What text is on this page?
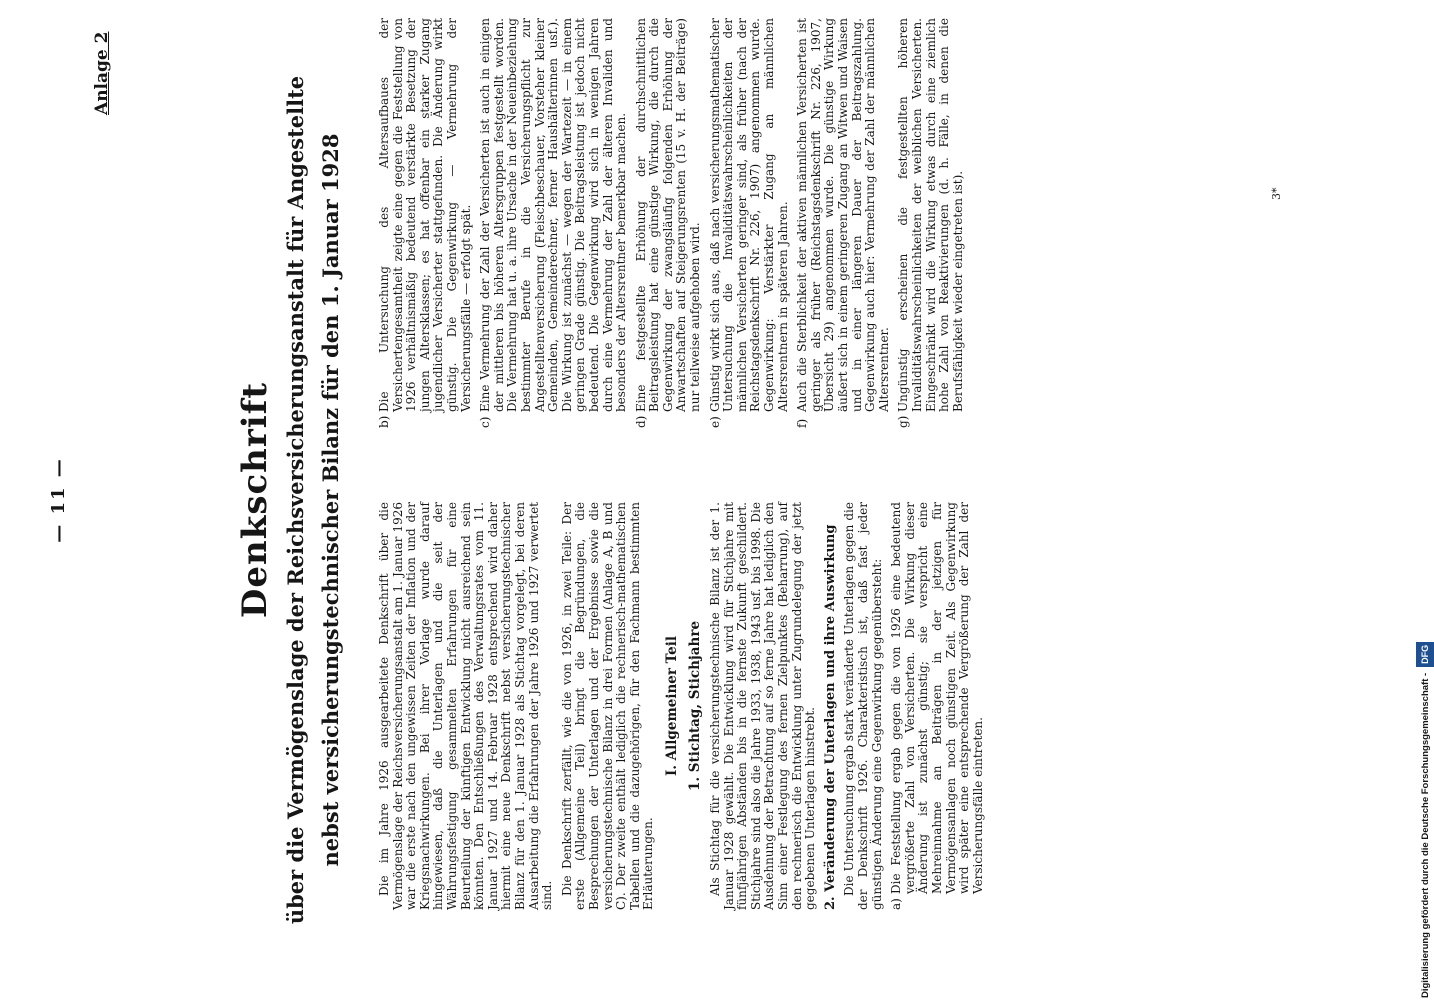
— 11 —
Anlage 2
Denkschrift über die Vermögenslage der Reichsversicherungsanstalt für Angestellte nebst versicherungstechnischer Bilanz für den 1. Januar 1928	Die im Jahre 1926 ausgearbeitete Denkschrift über die Vermögenslage der Reichsversicherungsanstalt am 1. Januar 1926 war die erste nach den ungewissen Zeiten der Inflation und der Kriegsnachwirkungen. Bei ihrer Vorlage wurde darauf hingewiesen, daß die Unterlagen und die seit der Währungsfestigung gesammelten Erfahrungen für eine Beurteilung der künftigen Entwicklung nicht ausreichend sein könnten. Den Entschließungen des Verwaltungsrates vom 11. Januar 1927 und 14. Februar 1928 entsprechend wird daher hiermit eine neue Denkschrift nebst versicherungstechnischer Bilanz für den 1. Januar 1928 als Stichtag vorgelegt, bei deren Ausarbeitung die Erfahrungen der Jahre 1926 und 1927 verwertet sind. Die Denkschrift zerfällt, wie die von 1926, in zwei Teile: Der erste (Allgemeine Teil) bringt die Begründungen, die Besprechungen der Unterlagen und der Ergebnisse sowie die versicherungstechnische Bilanz in drei Formen (Anlage A, B und C). Der zweite enthält lediglich die rechnerisch-mathematischen Tabellen und die dazugehörigen, für den Fachmann bestimmten Erläuterungen.

I. Allgemeiner Teil 1. Stichtag, Stichjahre Als Stichtag für die versicherungstechnische Bilanz ist der 1. Januar 1928 gewählt. Die Entwicklung wird für Stichjahre mit fünfjährigen Abständen bis in die fernste Zukunft geschildert. Stichjahre sind also die Jahre 1933, 1938, 1943 usf. bis 1998. Die Ausdehnung der Betrachtung auf so ferne Jahre hat lediglich den Sinn einer Festlegung des fernen Zielpunktes (Beharrung), auf den rechnerisch die Entwicklung unter Zugrundelegung der jetzt gegebenen Unterlagen hinstrebt. 2. Veränderung der Unterlagen und ihre Auswirkung Die Untersuchung ergab stark veränderte Unterlagen gegen die der Denkschrift 1926. Charakteristisch ist, daß fast jeder günstigen Änderung eine Gegenwirkung gegenübersteht: a)
Die Feststellung ergab gegen die von 1926 eine bedeutend vergrößerte Zahl von Versicherten. Die Wirkung dieser Änderung ist zunächst günstig; sie verspricht eine Mehreinnahme an Beiträgen in der jetzigen für Vermögensanlagen noch günstigen Zeit. Als Gegenwirkung wird später eine entsprechende Vergrößerung der Zahl der Versicherungsfälle eintreten.

b)
Die Untersuchung des Altersaufbaues der Versichertengesamtheit zeigte eine gegen die Feststellung von 1926 verhältnismäßig bedeutend verstärkte Besetzung der jungen Altersklassen; es hat offenbar ein starker Zugang jugendlicher Versicherter stattgefunden. Die Änderung wirkt günstig. Die Gegenwirkung — Vermehrung der Versicherungsfälle — erfolgt spät.

c)
Eine Vermehrung der Zahl der Versicherten ist auch in einigen der mittleren bis höheren Altersgruppen festgestellt worden. Die Vermehrung hat u. a. ihre Ursache in der Neueinbeziehung bestimmter Berufe in die Versicherungspflicht zur Angestelltenversicherung (Fleischbeschauer, Vorsteher kleiner Gemeinden, Gemeinderechner, ferner Haushälterinnen usf.). Die Wirkung ist zunächst — wegen der Wartezeit — in einem geringen Grade günstig. Die Beitragsleistung ist jedoch nicht bedeutend. Die Gegenwirkung wird sich in wenigen Jahren durch eine Vermehrung der Zahl der älteren Invaliden und besonders der Altersrentner bemerkbar machen.

d)
Eine festgestellte Erhöhung der durchschnittlichen Beitragsleistung hat eine günstige Wirkung, die durch die Gegenwirkung der zwangsläufig folgenden Erhöhung der Anwartschaften auf Steigerungsrenten (15 v. H. der Beiträge) nur teilweise aufgehoben wird.

e)
Günstig wirkt sich aus, daß nach versicherungsmathematischer Untersuchung die Invaliditätswahrscheinlichkeiten der männlichen Versicherten geringer sind, als früher (nach der Reichstagsdenkschrift Nr. 226, 1907) angenommen wurde. Gegenwirkung: Verstärkter Zugang an männlichen Altersrentnern in späteren Jahren.

f)
Auch die Sterblichkeit der aktiven männlichen Versicherten ist geringer als früher (Reichstagsdenkschrift Nr. 226, 1907, Übersicht 29) angenommen wurde. Die günstige Wirkung äußert sich in einem geringeren Zugang an Witwen und Waisen und in einer längeren Dauer der Beitragszahlung. Gegenwirkung auch hier: Vermehrung der Zahl der männlichen Altersrentner.

g)
Ungünstig erscheinen die festgestellten höheren Invaliditätswahrscheinlichkeiten der weiblichen Versicherten. Eingeschränkt wird die Wirkung etwas durch eine ziemlich hohe Zahl von Reaktivierungen (d. h. Fälle, in denen die Berufsfähigkeit wieder eingetreten ist).	3*
Digitalisierung gefördert durch die Deutsche Forschungsgemeinschaft -DFG
